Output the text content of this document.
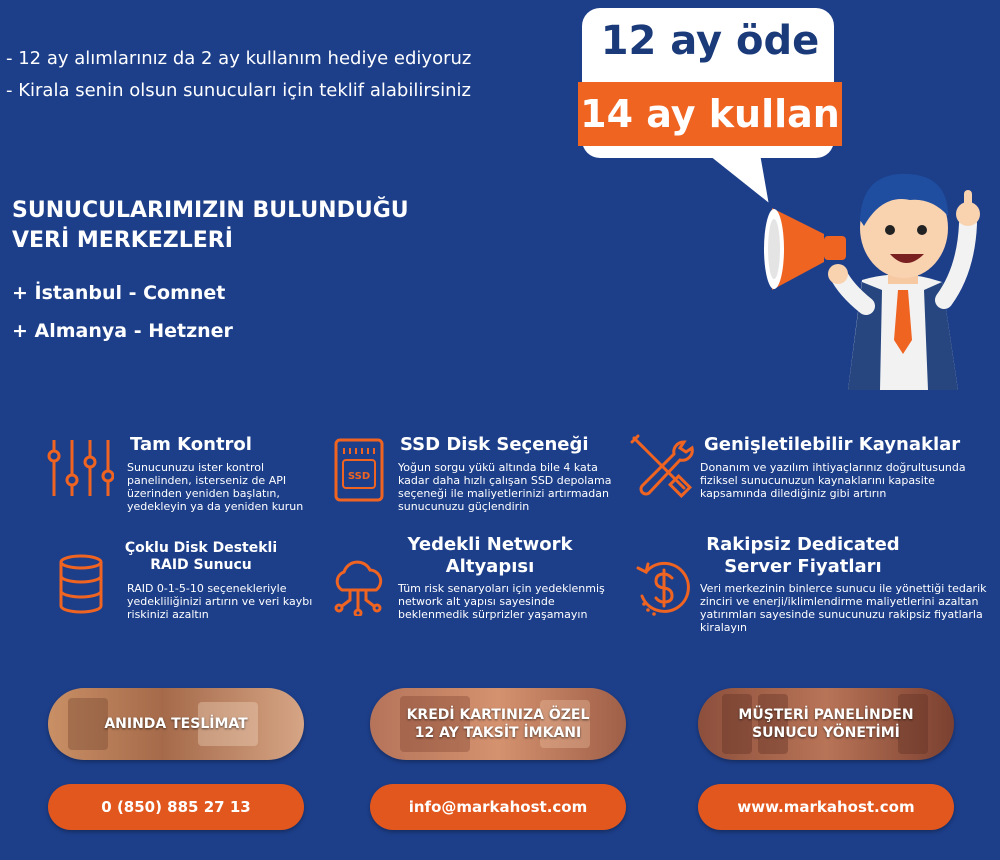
- 12 ay alımlarınız da 2 ay kullanım hediye ediyoruz
- Kirala senin olsun sunucuları için teklif alabilirsiniz
12 ay öde
14 ay kullan
SUNUCULARIMIZIN BULUNDUĞU
VERİ MERKEZLERİ
+ İstanbul - Comnet
+ Almanya - Hetzner
Tam Kontrol
Sunucunuzu ister kontrol panelinden, isterseniz de API üzerinden yeniden başlatın, yedekleyin ya da yeniden kurun
SSD
SSD Disk Seçeneği
Yoğun sorgu yükü altında bile 4 kata kadar daha hızlı çalışan SSD depolama seçeneği ile maliyetlerinizi artırmadan sunucunuzu güçlendirin
Genişletilebilir Kaynaklar
Donanım ve yazılım ihtiyaçlarınız doğrultusunda fiziksel sunucunuzun kaynaklarını kapasite kapsamında dilediğiniz gibi artırın
Çoklu Disk Destekli
RAID Sunucu
RAID 0-1-5-10 seçenekleriyle yedekliliğinizi artırın ve veri kaybı riskinizi azaltın
Yedekli Network
Altyapısı
Tüm risk senaryoları için yedeklenmiş network alt yapısı sayesinde beklenmedik sürprizler yaşamayın
Rakipsiz Dedicated
Server Fiyatları
Veri merkezinin binlerce sunucu ile yönettiği tedarik zinciri ve enerji/iklimlendirme maliyetlerini azaltan yatırımları sayesinde sunucunuzu rakipsiz fiyatlarla kiralayın
ANINDA TESLİMAT
KREDİ KARTINIZA ÖZEL
12 AY TAKSİT İMKANI
MÜŞTERİ PANELİNDEN
SUNUCU YÖNETİMİ
0 (850) 885 27 13	info@markahost.com	www.markahost.com
